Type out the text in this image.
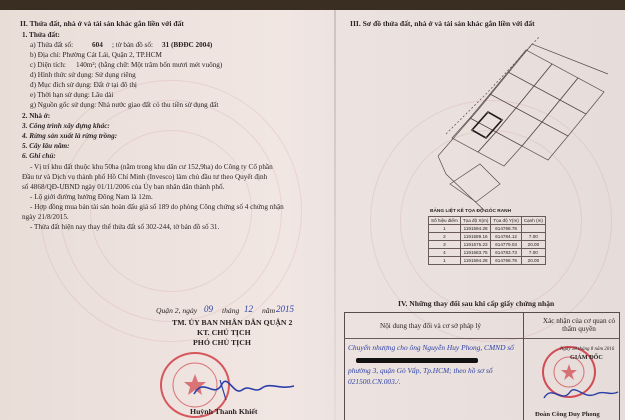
II. Thửa đất, nhà ở và tài sản khác gắn liền với đất
1. Thửa đất:
a) Thửa đất số:	604 ; tờ bản đồ số: 31 (BĐĐC 2004)
b) Địa chỉ: Phường Cát Lái, Quận 2, TP.HCM
c) Diện tích: 140m²; (bằng chữ: Một trăm bốn mươi mét vuông)
d) Hình thức sử dụng: Sử dụng riêng
đ) Mục đích sử dụng: Đất ở tại đô thị
e) Thời hạn sử dụng: Lâu dài
g) Nguồn gốc sử dụng: Nhà nước giao đất có thu tiền sử dụng đất
2. Nhà ở:
3. Công trình xây dựng khác:
4. Rừng sản xuất là rừng trồng:
5. Cây lâu năm:
6. Ghi chú:
- Vị trí khu đất thuộc khu 50ha (nằm trong khu dân cư 152,9ha) do Công ty Cổ phần
Đầu tư và Dịch vụ thành phố Hồ Chí Minh (Invesco) làm chủ đầu tư theo Quyết định
số 4868/QĐ-UBND ngày 01/11/2006 của Ủy ban nhân dân thành phố.
- Lộ giới đường hướng Đông Nam là 12m.
- Hợp đồng mua bán tài sản hoàn đấu giá số 189 do phòng Công chứng số 4 chứng nhận
ngày 21/8/2015.
- Thửa đất hiện nay thay thế thửa đất số 302-244, tờ bản đồ số 31.
Quận 2, ngày 09 tháng 12 năm 2015
TM. ỦY BAN NHÂN DÂN QUẬN 2
KT. CHỦ TỊCH
PHÓ CHỦ TỊCH
Huỳnh Thanh Khiết
III. Sơ đồ thửa đất, nhà ở và tài sản khác gắn liền với đất
BẢNG LIỆT KÊ TỌA ĐỘ GÓC RANH
Số hiệu điểm	Tọa độ X(m)	Tọa độ Y(m)	Cạnh (m)
1	1191594.28	614768.78	
2	1191589.16	614784.12	7.00
3	1191575.23	614779.03	20.00
4	1191583.75	614783.73	7.00
1	1191594.28	614768.78	20.00
IV. Những thay đổi sau khi cấp giấy chứng nhận
Nội dung thay đổi và cơ sở pháp lý
Xác nhận của cơ quan có thẩm quyền
Chuyển nhượng cho ông Nguyễn Huy Phong, CMND số
phường 3, quận Gò Vấp, Tp.HCM; theo hồ sơ số
021500.CN.003./.
Ngày 18 tháng 8 năm 2016
GIÁM ĐỐC
Đoàn Công Duy Phong
